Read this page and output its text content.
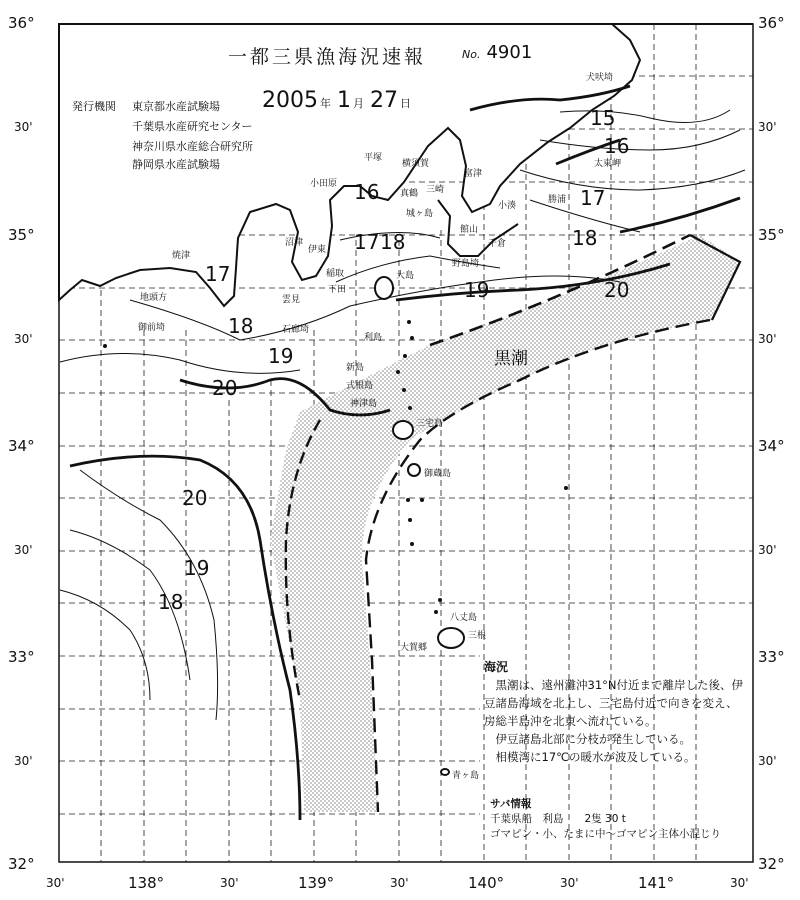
36°
30'
35°
30'
34°
30'
33°
30'
32°
36°
30'
35°
30'
34°
30'
33°
30'
32°
30'	138°	30'	139°	30'	140°	30'	141°	30'
一都三県漁海況速報	No. 4901
発行機関 東京都水産試験場
千葉県水産研究センター
神奈川県水産総合研究所
静岡県水産試験場
2005 年 1 月 27 日
犬吠埼
太東岬
勝浦
千倉
野島埼
富津
館山
小湊
横須賀
平塚
小田原
真鶴 三崎
城ヶ島
伊東
沼津
焼津
稲取
下田
石廊埼
御前埼
地頭方	雲見
大島
利島
新島
式根島
神津島
三宅島
御蔵島
八丈島
三根
大賀郷
青ヶ島
15
16
16	17
17 18
17
18
18
19
19
20
20
20
19
18
黒潮
海況

黒潮は、遠州灘沖31°N付近まで離岸した後、伊豆諸島海域を北上し、三宅島付近で向きを変え、房総半島沖を北東へ流れている。

伊豆諸島北部に分枝が発生している。

相模湾に17℃の暖水が波及している。

サバ情報
千葉県船　利島　　2隻 30 t
ゴマピン・小、たまに中〜ゴマピン主体小混じり
